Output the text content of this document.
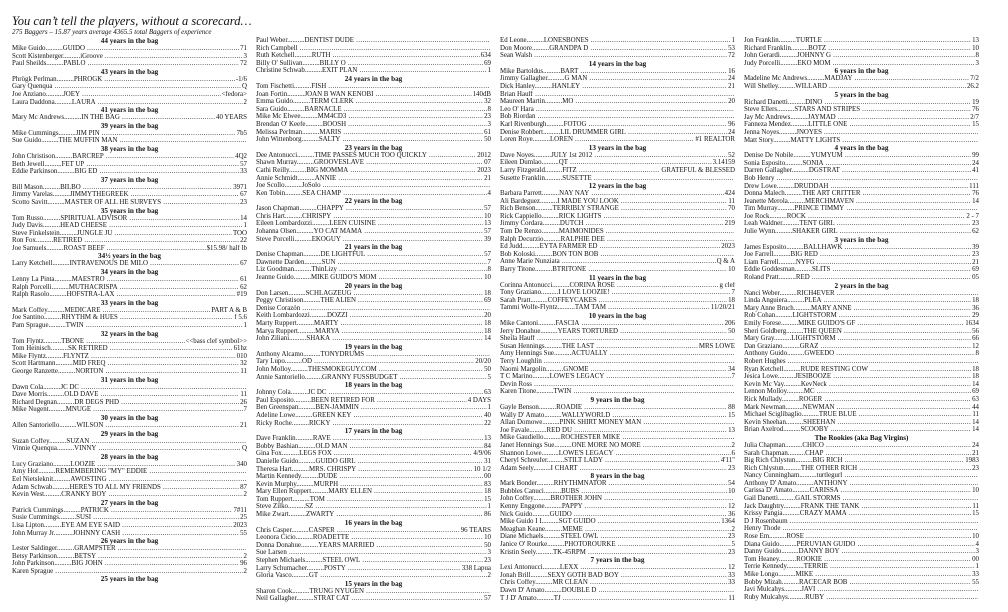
You can’t tell the players, without a scorecard…
275 Baggers – 15.87 years average 4365.5 total Baggers of experience
44 years in the bag
Mike Guido..........GUIDO .....	71
Scott Kistenberger..........iGroove .....	3
Paul Sheilds..........PABLO .....	72
43 years in the bag
Phrögk Perlman..........PHRÖGK .....	-1/6
Gary Quenqua .....	Q
Joe Anziano..........JOEY .....	<fedora>
Laura Daddona..........LAURA .....	2
41 years in the bag
Mary Mc Andrews..........IN THE BAG .....	40 YEARS
39 years in the bag
Mike Cummings..........JIM PIN .....	7b5
Sue Guido..........THE MUFFIN MAN .....
38 years in the bag
John Christison..........BARCREP .....	4Q2
Beth Jewell..........FET UP .....	57
Eddie Parkinson..........BIG ED .....	33
37 years in the bag
Bill Mason..........BILBO .....	3971
Jimmy Varelas..........JIMMYTHEGREEK .....	67
Scotto Savitt..........MASTER OF ALL HE SURVEYS .....	23
35 years in the bag
Tom Russo..........SPIRITUAL ADVISOR .....	14
Judy Davis..........HEAD CHEESE .....	1
Steve Finkelstein..........JUNGLE JU .....	TOO
Ron Fox..........RETIRED .....	22
Joe Samuels..........ROAST BEEF .....	$15.98/ half lb
34½ years in the bag
Larry Ketchell..........INTRAVENOUS DE MILO .....	67
34 years in the bag
Lenny La Pinta..........MAESTRO .....	61
Ralph Porcelli..........MUTHACRISPA .....	62
Ralph Rasolo..........HOFSTRA-LAX .....	#19
33 years in the bag
Mark Coffey..........MEDICARE .....	PART A & B
Joe Santino..........RHYTHM & HUES .....	f 5.6
Pam Sprague..........TWIN .....	1
32 years in the bag
Tom Flyntz..........TBONE .....	<<bass clef symbol>>
Tom Heinisch..........SK RETIRED .....	61hz
Mike Flyntz..........FLYNTZ .....	010
Scott Hartmann..........MID FREQ .....	32
George Ranzette..........NORTON .....	11
31 years in the bag
Dawn Cola..........JC DC .....
Dave Morris..........OLD DAVE .....	11
Richard Degnan..........DR DEGS PHD .....	26
Mike Nugent..........MNUGE .....	7
30 years in the bag
Allen Santoriello..........WILSON .....	21
29 years in the bag
Suzan Coffey..........SUZAN .....
Vinnie Quenqua..........VINNY .....	Q
28 years in the bag
Lucy Graziano..........LOOZIE .....	340
Amy Hof..........REMEMBERING "MY" EDDIE .....
Eel Nietsleknit..........AWOSTING .....
Adam Schwab..........HERE'S TO ALL MY FRIENDS .....	87
Kevin West..........CRANKY BOY .....	2
27 years in the bag
Patrick Cummings..........PATRICK .....	7#11
Susie Cummings..........SUSI .....	25
Lisa Lipton..........EYE AM EYE SAID .....	2023
John Murray Jr...........JOHNNY CASH .....	55
26 years in the bag
Lester Saldinger..........GRAMPSTER .....
Betsy Parkinson..........BETSY .....	2
John Parkinson..........BIG JOHN .....	96
Karen Sprague .....	2
25 years in the bag
Paul Weber..........DENTIST DUDE .....
Rich Campbell .....
Ruth Ketchell..........RUTH .....	634
Billy O' Sullivan..........BILLY O .....	69
Christine Schwab..........EXIT PLAN .....	1
24 years in the bag
Tom Fischetti..........FISH .....
Joan Fortin..........JOAN B WAN KENOBI .....	140dB
Emma Guido..........TERM CLERK .....	32
Sara Guido..........BARNACLE .....	8
Mike Mc Elwee..........MM4CD3 .....	23
Brendan O' Keefe..........BOOSH .....	3
Melissa Perlman..........MARIS .....	61
John Wittenborg..........SALTY .....	50
23 years in the bag
Dee Antonucci..........TIME PASSES MUCH TOO QUICKLY .....	2012
Shawn Murray..........GROOVESLAVE .....	07
Cathi Reilly..........BIG MOMMA .....	2023
Annie Schmidt..........ANNIE .....	21
Joe Scollo..........JoSolo .....
Ken Tobin..........SEA CHAMP .....	4
22 years in the bag
Jason Chapman..........CHAPPY .....	57
Chris Hart..........CHRISPY .....	10
Eileen Lombardozzi..........LEEN CUISINE .....	13
Johanna Olsen..........YO CAT MAMA .....	57
Steve Porcelli..........EKOGUY .....	39
21 years in the bag
Denise Chapman..........DE LIGHTFUL .....	57
Dawnette Darden..........SUN .....	7
Liz Goodman..........ThinLizy .....	8
Jeanne Guido..........MIKE GUIDO'S MOM .....	10
20 years in the bag
Don Larsen..........SCHLAGZEUG .....	18
Peggy Christison..........THE ALIEN .....	69
Denise Corazón .....
Keith Lombardozzi..........DOZZI .....	20
Marty Ruppert..........MARTY .....	18
Marya Ruppert..........MARYA .....	18
John Ziliani..........SHAKA .....	14
19 years in the bag
Anthony Alcamo..........TONYDRUMS .....
Tary Lupo..........OD .....	20/20
John Molloy..........THESMOKEGUY.COM .....	50
Annie Santoriello..........GRANNY FUSSBUDGET .....	5
18 years in the bag
Johnny Cola..........JC DC .....	63
Paul Esposito..........BEEN RETIRED FOR .....	4 DAYS
Ben Greenspan..........BEN-JAMMIN .....	1
Adeline Lowe..........GREEN KEY .....	40
Ricky Roche..........RICKY .....	22
17 years in the bag
Dave Franklin..........RAVE .....	13
Bobby Bashian..........OLD MAN .....	84
Gina Fox..........LEGS FOX .....	4/9/06
Danielle Guido..........GUIDO GIRL .....	31
Theresa Hart..........MRS. CHRISPY .....	10 1/2
Martin Kennedy..........DUDE .....	00
Kevin Murphy..........MURPH .....	83
Mary Ellen Ruppert..........MARY ELLEN .....	18
Tom Ruppert..........TOM .....	15
Steve Zilko..........SZ .....	1
Mike Zwart..........ZWARTY .....	86
16 years in the bag
Chris Casper..........CASPER .....	96 TEARS
Leonora Cicio..........ROADETTE .....	10
Donna Donahue..........YEARS MARRIED .....	50
Sue Larsen .....	3
Stephen Michaels..........STEEL OWL .....	23
Larry Schumacher..........POSTY .....	338 Lapua
Gloria Vasco..........GT .....	2
15 years in the bag
Sharon Cook..........TRUNG NYUGEN .....
Neil Gallagher..........STRAT CAT .....	57
Ed Leone..........LONESBONES .....	1
Don Moore..........GRANDPA D .....	53
Sean Walsh .....	72
14 years in the bag
Mike Bartoldus..........BART .....	16
Jimmy Gallagher..........G MAN .....	24
Dick Hanley..........HANLEY .....	21
Brian Hauff .....
Maureen Martin..........MO .....	20
Leo O' Hara .....
Bob Riordan .....
Karl Rivenburgh..........FOTOG .....	96
Denise Robbert..........LIL DRUMMER GIRL .....	24
Loren Roye..........LOREN .....	#1 REALTOR
13 years in the bag
Dave Noyes..........JULY 1st 2012 .....	52
Eileen Dumlao..........QT .....	3.14159
Larry Fitzgerald..........FITZ .....	GRATEFUL & BLESSED
Susette Franklin..........SUSETTE .....
12 years in the bag
Barbara Parrett..........NAY NAY .....	424
Ali Bardeguez..........I MADE YOU LOOK .....	11
Rich Benson..........TERRIBLY STRANGE .....	70
Rick Cappiello..........RICK LIGHTS .....
Jimmy Cordara..........DUTCH .....	219
Tom De Renzo..........MAIMONIDES .....
Ralph Decurzio..........RALPHIE DEE .....
Ed Judd..........EYTA FARMER ED .....	2023
Bob Koloski..........BON TON BOB .....
Anne Marie Nunziata .....	Q & A
Barry Titone..........BTRITONE .....	10
11 years in the bag
Corinna Antonucci..........CORINA ROSE .....	g clef
Tony Graziano..........I LOVE LOOZIE! .....	7
Sarah Pratt..........COFFEYCAKES .....	18
Tammi Wolfe-Flyntz..........TAM TAM .....	11/20/21
10 years in the bag
Mike Cantoni..........FASCIA .....	206
Jerry Donahue..........YEARS TORTURED .....	50
Sheila Hauff .....
Susan Hennings..........THE LAST .....	MRS LOWE
Amy Hennings Sue..........ACTUALLY .....
Terry Loughlin .....
Naomi Margolin..........GNOME .....	34
T C Marino..........LOWE'S LEGACY .....	7
Devin Ross .....
Karen Titone..........TWIN .....
9 years in the bag
Gayle Benson..........ROADIE .....	88
Wally D' Amato..........WALLYWORLD .....	15
Allan Domowe..........PINK SHIRT MONEY MAN .....
Joe Favale..........RED DU .....	13
Mike Gaudiello..........ROCHESTER MIKE .....
Janet Hennings Sue..........ONE MORE NO MORE .....	2
Shannon Lowe..........LOWE'S LEGACY .....	6
Cheryl Schreufer..........STILT LADY .....	4'11"
Adam Seely..........I CHART .....	23
8 years in the bag
Mark Bonder..........RHYTHMNATOR .....	54
Bubbles Canuci..........BUBS .....	10
John Coffey..........BROTHER JOHN .....
Kenny Enggone..........PAPPY .....	12
Nick Guido..........GUIDO .....	36
Mike Guido I I..........SGT GUIDO .....	1364
Meaghan Keane..........MEME .....	2
Diane Michaels..........STEEL OWL .....	23
Janice O' Rourke..........PHOTOROURKE .....	5
Kristin Seely..........TK-45RPM .....	23
7 years in the bag
Lexi Antonucci..........LEXX .....	12
Jonah Brill..........SEXY GOTH BAD BOY .....	33
Chris Coffey..........MR CLEAN .....	33
Dawn D' Amato..........DOUBLE D .....
T J D' Amato..........TJ .....	11
Jon Franklin..........TURTLE .....	13
Richard Franklin..........BOTZ .....	10
John Gerardi..........JOHNNY G .....	8
Judy Porcelli..........EKO MOM .....	3
6 years in the bag
Madeline Mc Andrews..........MADJAY .....	7/2
Will Shelley..........WILLARD .....	26.2
5 years in the bag
Richard Danetti..........DINO .....	19
Steve Ellers..........STARS AND STRIPES .....	76
Jay Mc Andrews..........JAYMAD .....	2/7
Fanneza Mendez..........LITTLE ONE .....	15
Jenna Noyes..........JNOYES .....
Matt Story..........MATTY LIGHTS .....
4 years in the bag
Denise De Nobile..........YUMYUM .....	99
Sonia Esposito..........SONIA .....	24
Darren Gallagher..........DGSTRAT .....	41
Bob Henry .....
Drew Lowe..........DRUDDAH .....	111
Donna Malech..........THE ART CRITTER .....	76
Jeanette Merola..........MERCHMAVEN .....	14
Tim Murray..........PRINCE TIMMY .....
Joe Rock..........ROCK .....	2 - 7
Leah Waldner..........TENT GIRL .....	23
Julie Wynn..........SHAKER GIRL .....	62
3 years in the bag
James Esposito..........BALLHAWK .....	39
Joe Farrell..........BIG RED .....	23
Liam Farrell..........NYFG .....	21
Eddie Goddesman..........SLITS .....	69
Roland Pratt..........RED .....	05
2 years in the bag
Nanci Weber..........RICH4EVER .....
Linda Anguiera..........PLEA .....	18
Mary Anne Bruch..........MARY ANNE .....	36
Rob Cohan..........LIGHTSTORM .....	29
Emily Forese..........MIKE GUIDO'S GF .....	1634
Sheri Goldberg..........THE QUEEN .....	56
Mary Gray..........LIGHTSTORM .....	66
Dan Graziano..........GRAZ .....	12
Anthony Guido..........GWEEDO .....	8
Robert Hughes .....
Ryan Ketchell..........RUDE RESTING COW .....	18
Jesica Lowe..........JESIBOOZE .....	18
Kevin Mc Vay..........KevNeck .....	14
Lennon Molloy..........MC .....	69
Rick Mullady..........ROGER .....	63
Mark Newman..........NEWMAN .....	44
Michael Sciglibaglio..........TRUE BLUE .....	11
Kevin Sheehan..........SHEEHAN .....	14
Brian Axelrod..........SCOOBY .....	14
The Rookies (aka Bag Virgins)
Julia Chapman..........CHICO .....	24
Sarah Chapman..........CHAP .....	21
Big Rich Chlystun..........BIG RICH .....	1983
Rich Chlystun..........THE OTHER RICH .....	23
Nancy Cunningham..........turtlegurl .....
Anthony D' Amato..........ANTHONY .....
Carissa D' Amato..........CARISSA .....	10
Gail Danetti..........GAIL STORMS .....
Jack Daughtry..........FRANK THE TANK .....	11
Krissy Pangia..........CRAZY MAMA .....	15
D J Rosenbaum .....
Henry Thode .....
Rose Em..........ROSE .....	10
Diana Guido..........PERUVIAN GUIDO .....	4
Danny Guido..........DANNY BOY .....	3
Tom Heaney..........ROOKIE .....	00
Terrie Kennedy..........TERRIE .....	1
Mike Longo..........MIKE .....	33
Bobby Mizah..........RACECAR BOB .....	55
Javi Mulcahys..........JAVI .....
Ruby Mulcahys..........RUBY .....
